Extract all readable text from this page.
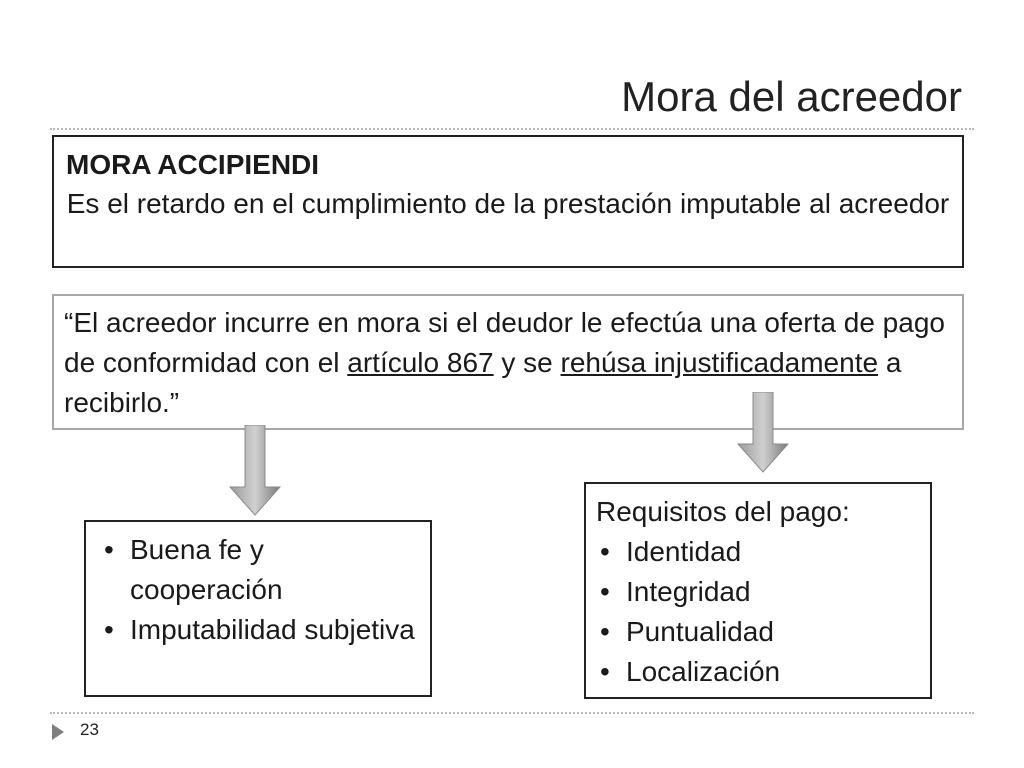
Mora del acreedor
MORA ACCIPIENDI
Es el retardo en el cumplimiento de la prestación imputable al acreedor
“El acreedor incurre en mora si el deudor le efectúa una oferta de pago de conformidad con el artículo 867 y se rehúsa injustificadamente a recibirlo.”
• Buena fe y cooperación
• Imputabilidad subjetiva
Requisitos del pago:
• Identidad
• Integridad
• Puntualidad
• Localización
23
